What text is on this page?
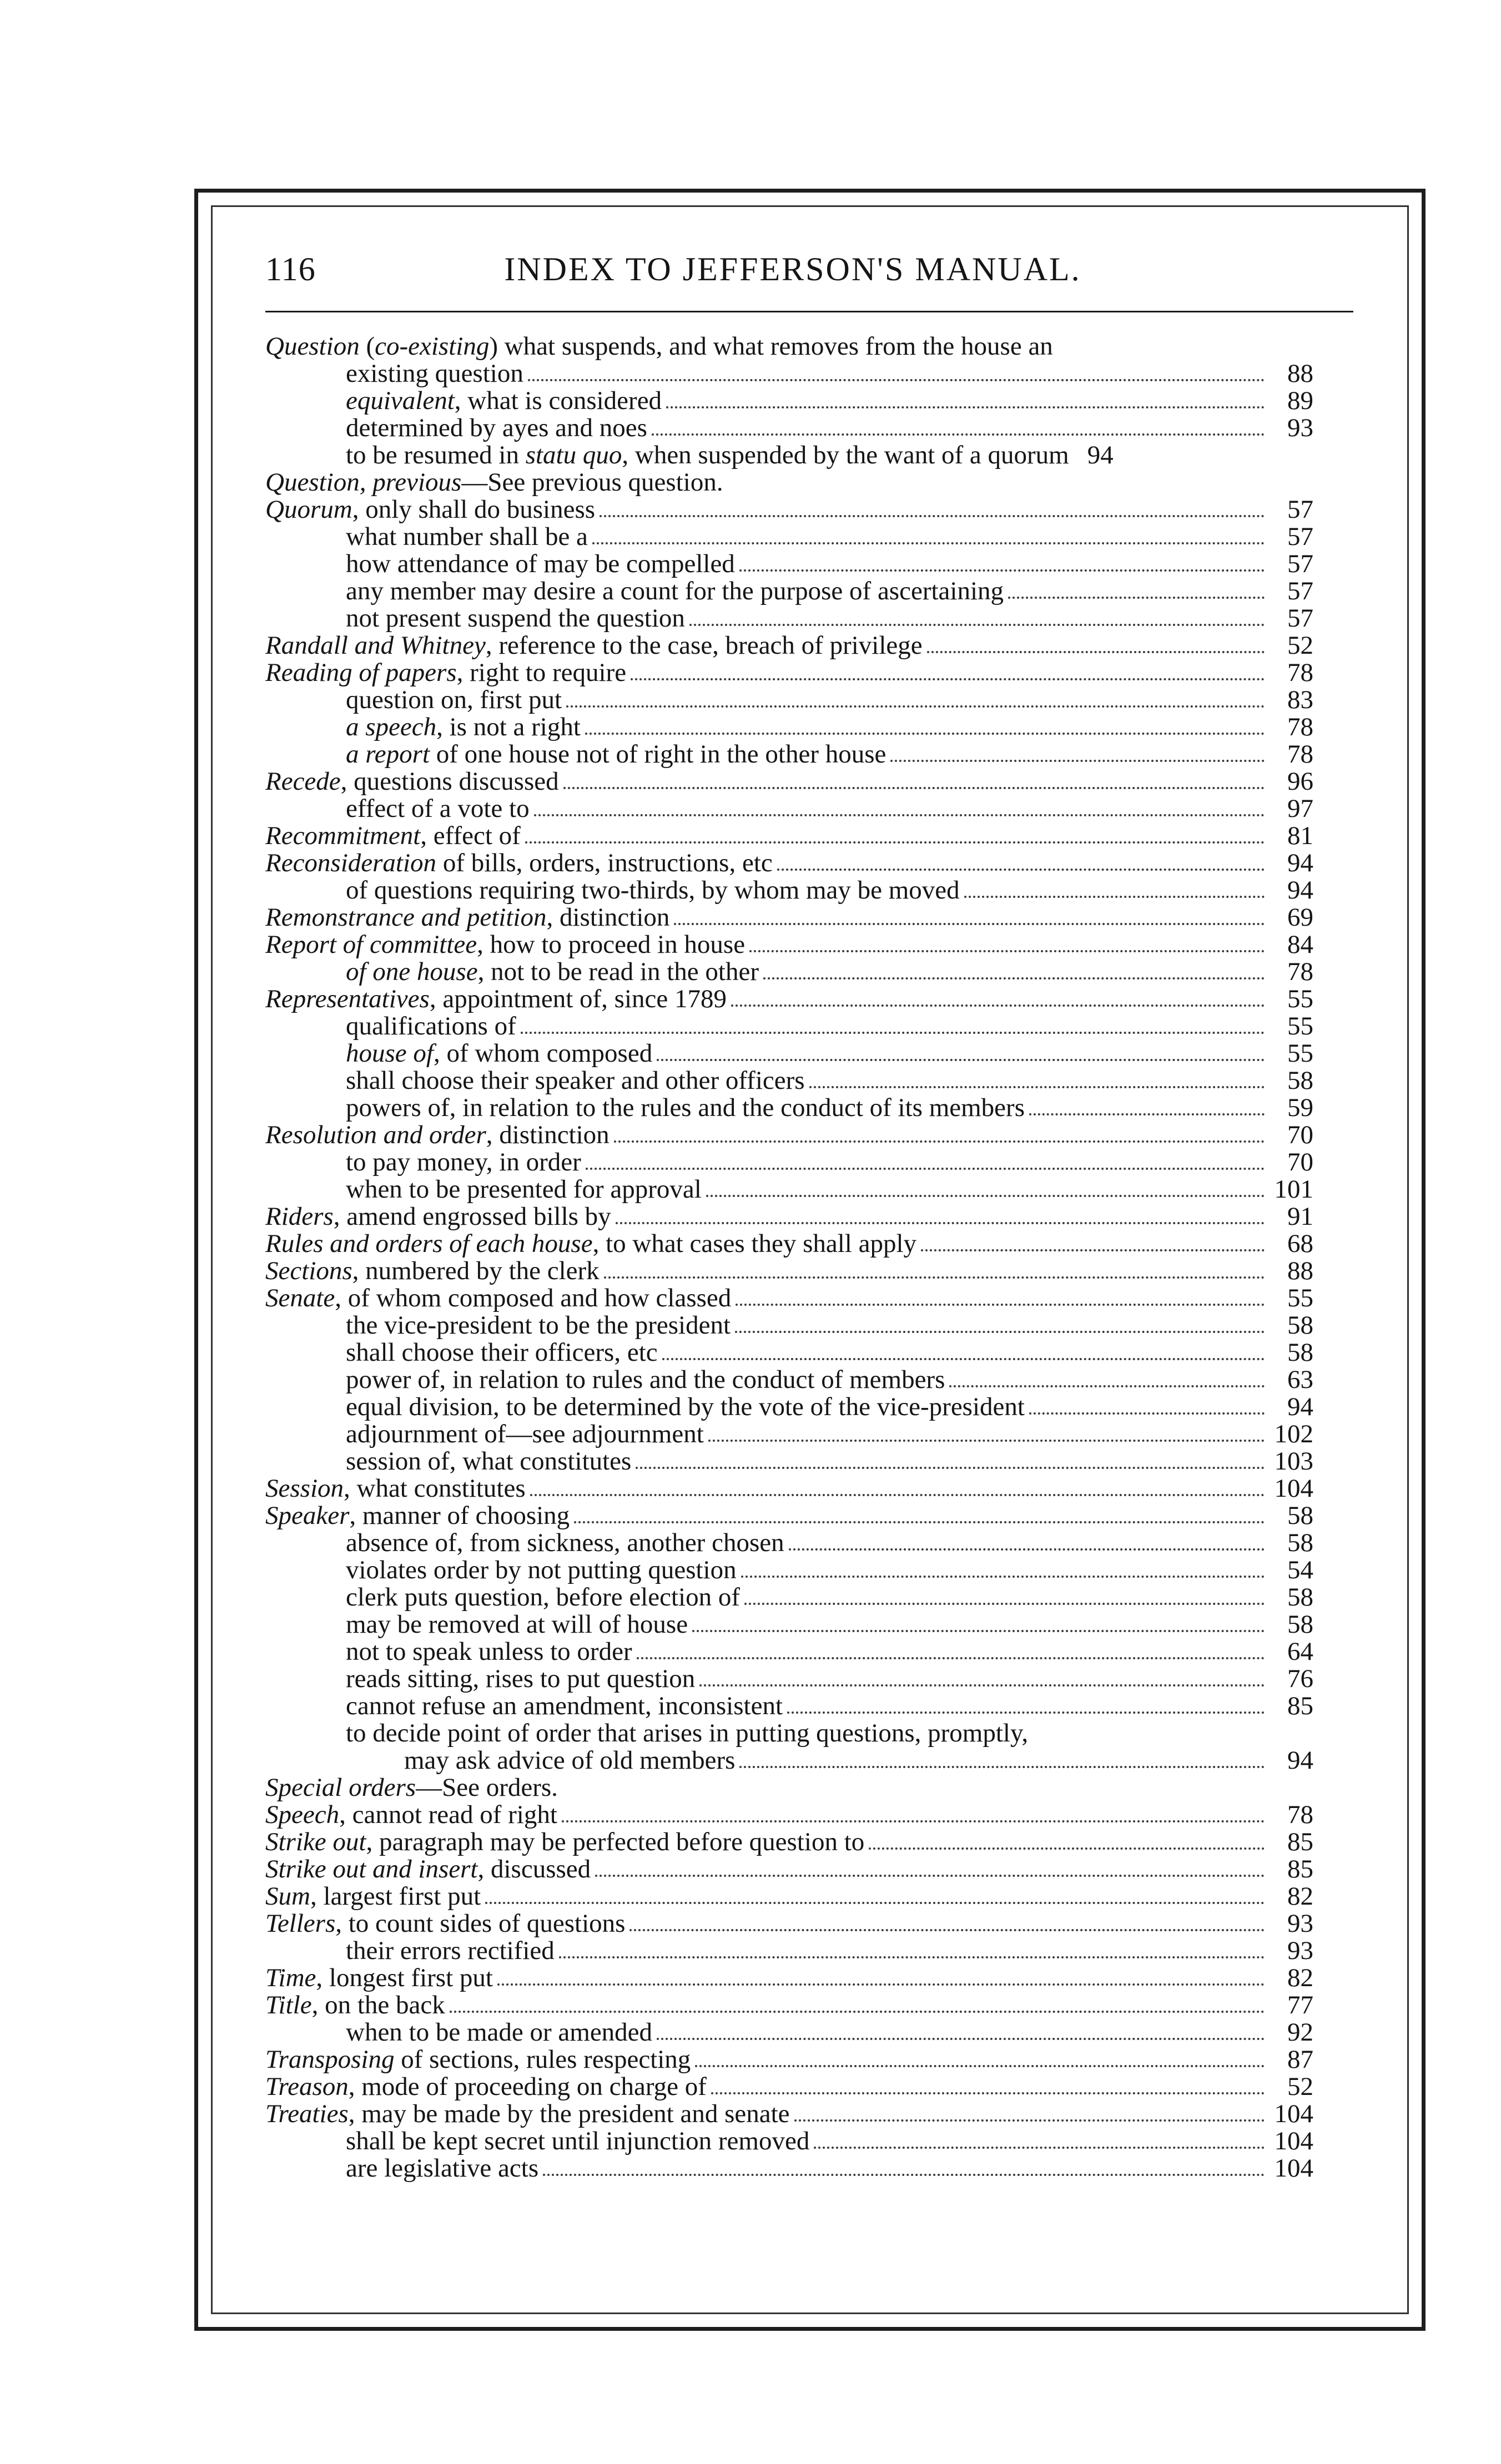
116	INDEX TO JEFFERSON'S MANUAL.
Question (co-existing) what suspends, and what removes from the house an
existing question	88
equivalent, what is considered	89
determined by ayes and noes	93
to be resumed in statu quo, when suspended by the want of a quorum 94
Question, previous—See previous question.
Quorum, only shall do business	57
what number shall be a	57
how attendance of may be compelled	57
any member may desire a count for the purpose of ascertaining	57
not present suspend the question	57
Randall and Whitney, reference to the case, breach of privilege	52
Reading of papers, right to require	78
question on, first put	83
a speech, is not a right	78
a report of one house not of right in the other house	78
Recede, questions discussed	96
effect of a vote to	97
Recommitment, effect of	81
Reconsideration of bills, orders, instructions, etc	94
of questions requiring two-thirds, by whom may be moved	94
Remonstrance and petition, distinction	69
Report of committee, how to proceed in house	84
of one house, not to be read in the other	78
Representatives, appointment of, since 1789	55
qualifications of	55
house of, of whom composed	55
shall choose their speaker and other officers	58
powers of, in relation to the rules and the conduct of its members	59
Resolution and order, distinction	70
to pay money, in order	70
when to be presented for approval	101
Riders, amend engrossed bills by	91
Rules and orders of each house, to what cases they shall apply	68
Sections, numbered by the clerk	88
Senate, of whom composed and how classed	55
the vice-president to be the president	58
shall choose their officers, etc	58
power of, in relation to rules and the conduct of members	63
equal division, to be determined by the vote of the vice-president	94
adjournment of—see adjournment	102
session of, what constitutes	103
Session, what constitutes	104
Speaker, manner of choosing	58
absence of, from sickness, another chosen	58
violates order by not putting question	54
clerk puts question, before election of	58
may be removed at will of house	58
not to speak unless to order	64
reads sitting, rises to put question	76
cannot refuse an amendment, inconsistent	85
to decide point of order that arises in putting questions, promptly,
may ask advice of old members	94
Special orders—See orders.
Speech, cannot read of right	78
Strike out, paragraph may be perfected before question to	85
Strike out and insert, discussed	85
Sum, largest first put	82
Tellers, to count sides of questions	93
their errors rectified	93
Time, longest first put	82
Title, on the back	77
when to be made or amended	92
Transposing of sections, rules respecting	87
Treason, mode of proceeding on charge of	52
Treaties, may be made by the president and senate	104
shall be kept secret until injunction removed	104
are legislative acts	104
